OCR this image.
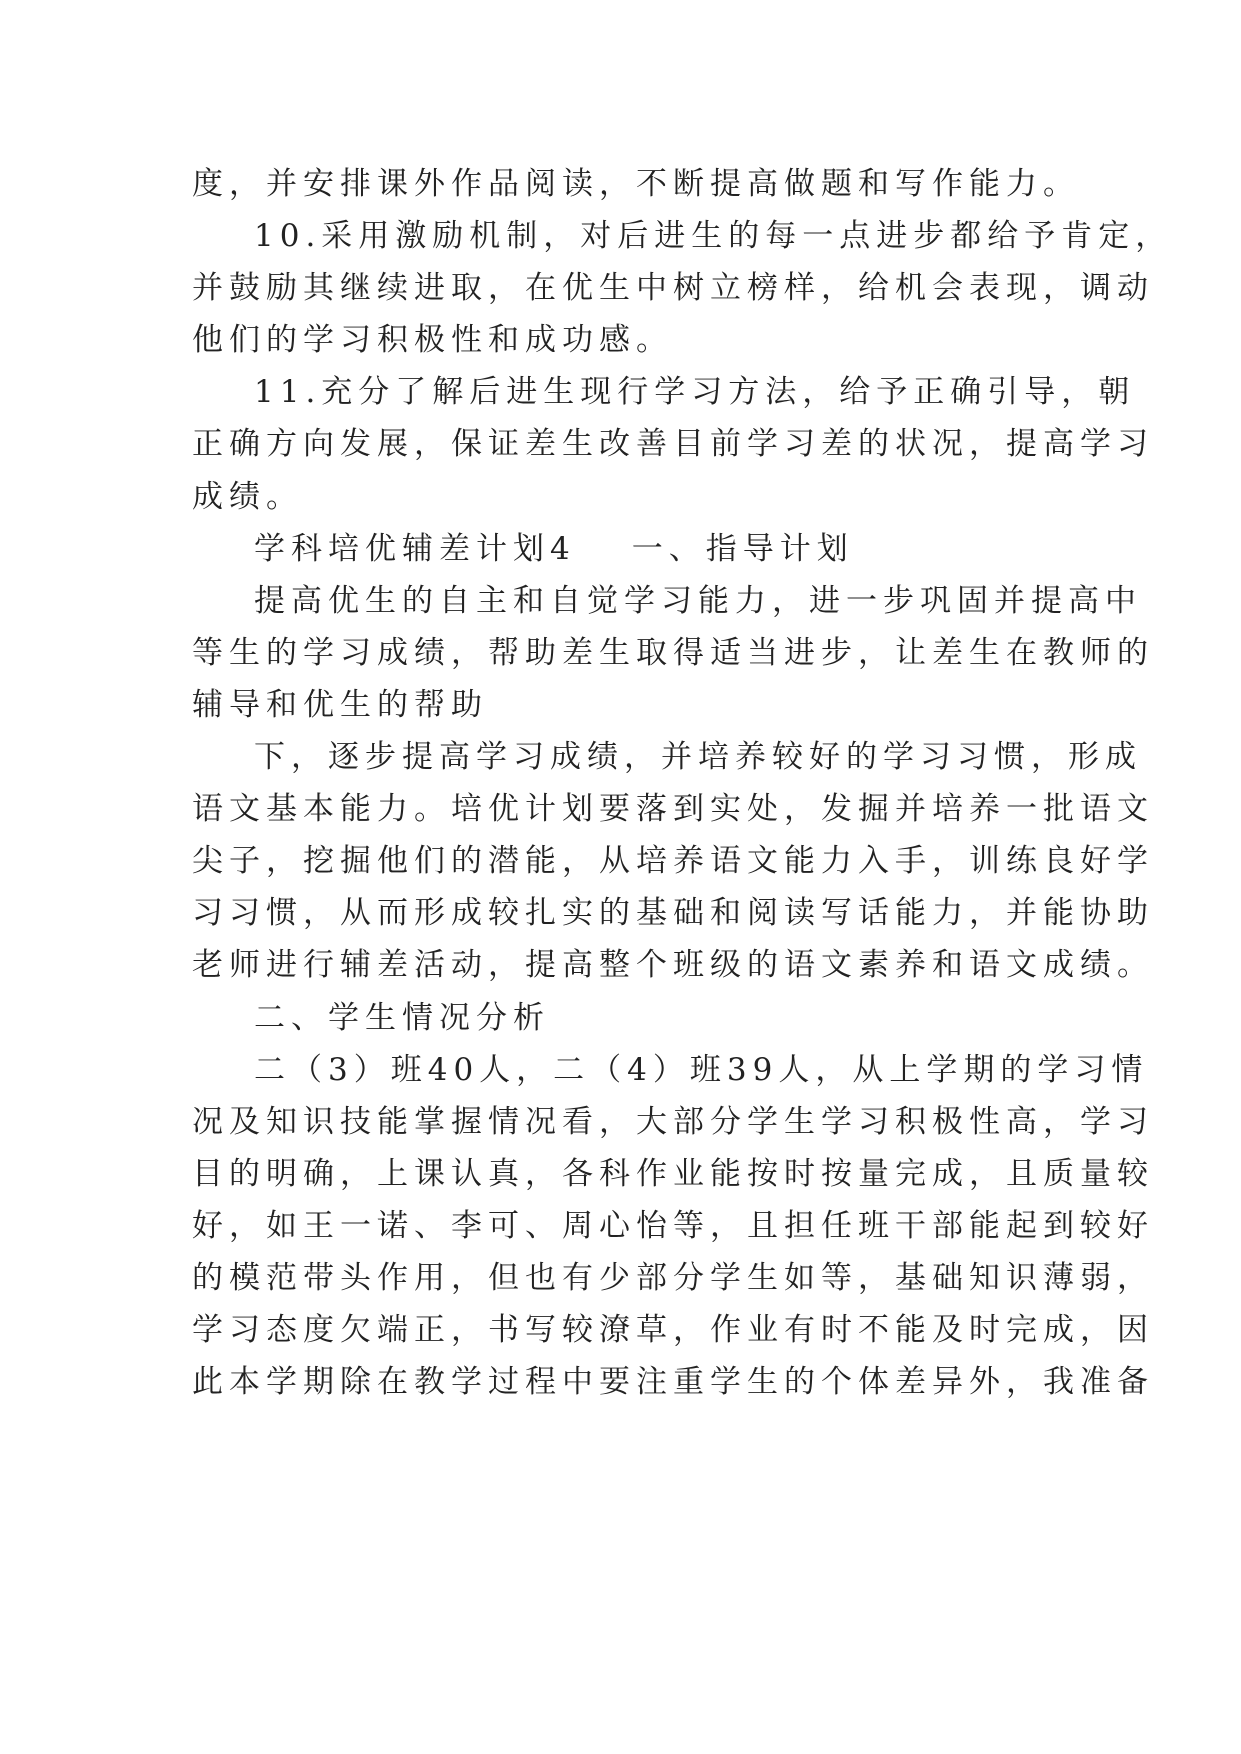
度，并安排课外作品阅读，不断提高做题和写作能力。
10.采用激励机制，对后进生的每一点进步都给予肯定，
并鼓励其继续进取，在优生中树立榜样，给机会表现，调动
他们的学习积极性和成功感。
11.充分了解后进生现行学习方法，给予正确引导，朝
正确方向发展，保证差生改善目前学习差的状况，提高学习
成绩。
学科培优辅差计划4 一、指导计划
提高优生的自主和自觉学习能力，进一步巩固并提高中
等生的学习成绩，帮助差生取得适当进步，让差生在教师的
辅导和优生的帮助
下，逐步提高学习成绩，并培养较好的学习习惯，形成
语文基本能力。培优计划要落到实处，发掘并培养一批语文
尖子，挖掘他们的潜能，从培养语文能力入手，训练良好学
习习惯，从而形成较扎实的基础和阅读写话能力，并能协助
老师进行辅差活动，提高整个班级的语文素养和语文成绩。
二、学生情况分析
二（3）班40人，二（4）班39人，从上学期的学习情
况及知识技能掌握情况看，大部分学生学习积极性高，学习
目的明确，上课认真，各科作业能按时按量完成，且质量较
好，如王一诺、李可、周心怡等，且担任班干部能起到较好
的模范带头作用，但也有少部分学生如等，基础知识薄弱，
学习态度欠端正，书写较潦草，作业有时不能及时完成，因
此本学期除在教学过程中要注重学生的个体差异外，我准备
